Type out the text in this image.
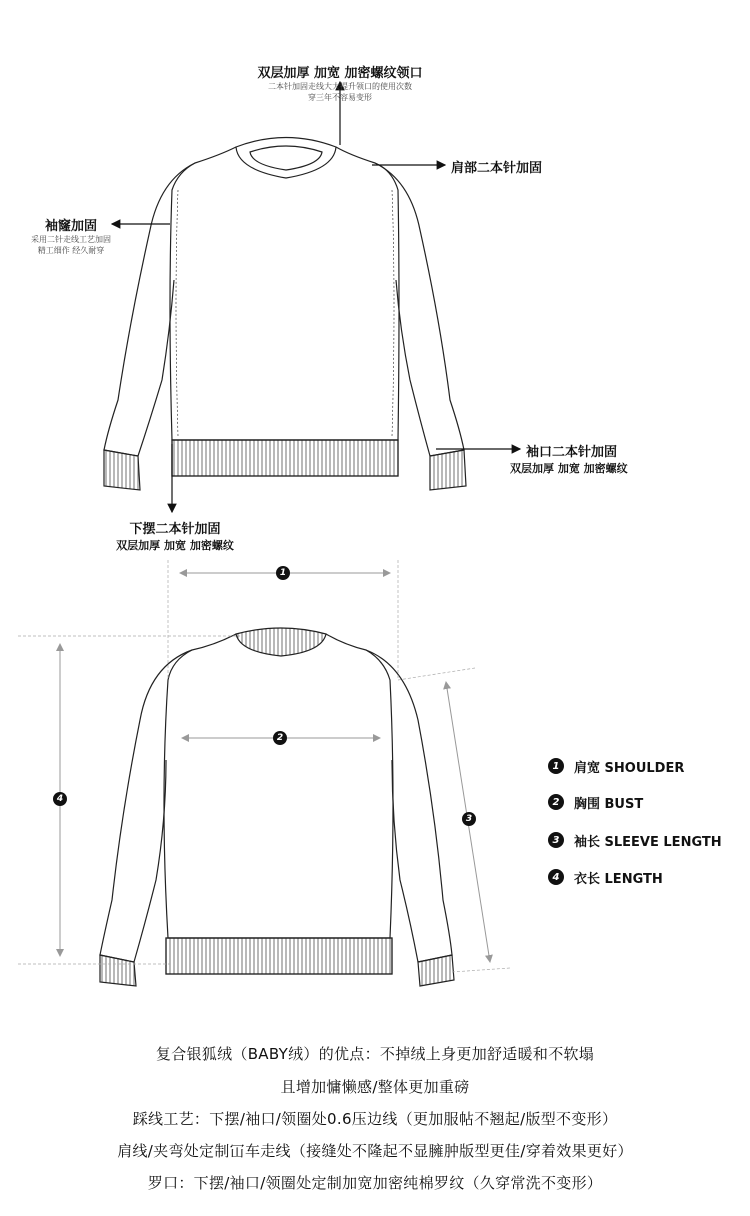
双层加厚 加宽 加密螺纹领口
二本针加固走线大大提升领口的使用次数
穿三年不容易变形
肩部二本针加固
袖窿加固
采用二针走线工艺加固
精工细作 经久耐穿
袖口二本针加固
双层加厚 加宽 加密螺纹
下摆二本针加固
双层加厚 加宽 加密螺纹
1
2
3
4
1	肩宽 SHOULDER
2	胸围 BUST
3	袖长 SLEEVE LENGTH
4	衣长 LENGTH
复合银狐绒（BABY绒）的优点：不掉绒上身更加舒适暖和不软塌
且增加慵懒感/整体更加重磅
踩线工艺：下摆/袖口/领圈处0.6压边线（更加服帖不翘起/版型不变形）
肩线/夹弯处定制冚车走线（接缝处不隆起不显臃肿版型更佳/穿着效果更好）
罗口：下摆/袖口/领圈处定制加宽加密纯棉罗纹（久穿常洗不变形）
